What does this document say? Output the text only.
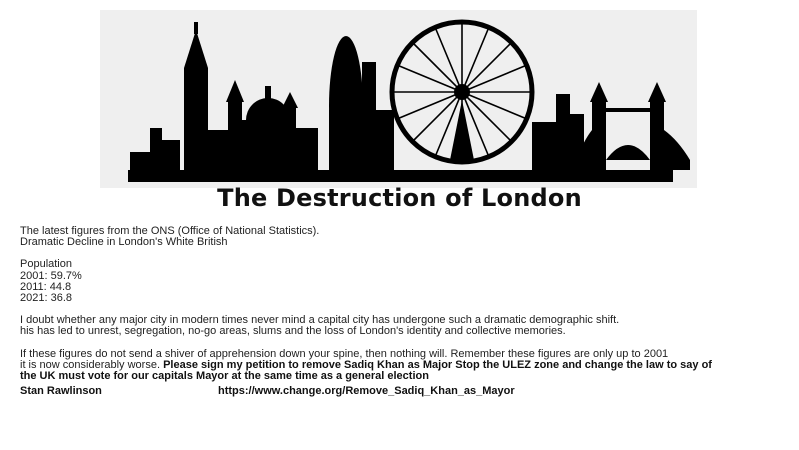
The Destruction of London
The latest figures from the ONS (Office of National Statistics).
Dramatic Decline in London's White British
Population
2001: 59.7%
2011: 44.8
2021: 36.8
I doubt whether any major city in modern times never mind a capital city has undergone such a dramatic demographic shift.
his has led to unrest, segregation, no-go areas, slums and the loss of London's identity and collective memories.
If these figures do not send a shiver of apprehension down your spine, then nothing will. Remember these figures are only up to 2001
it is now considerably worse. Please sign my petition to remove Sadiq Khan as Major Stop the ULEZ zone and change the law to say of
the UK must vote for our capitals Mayor at the same time as a general election
Stan Rawlinson	https://www.change.org/Remove_Sadiq_Khan_as_Mayor
